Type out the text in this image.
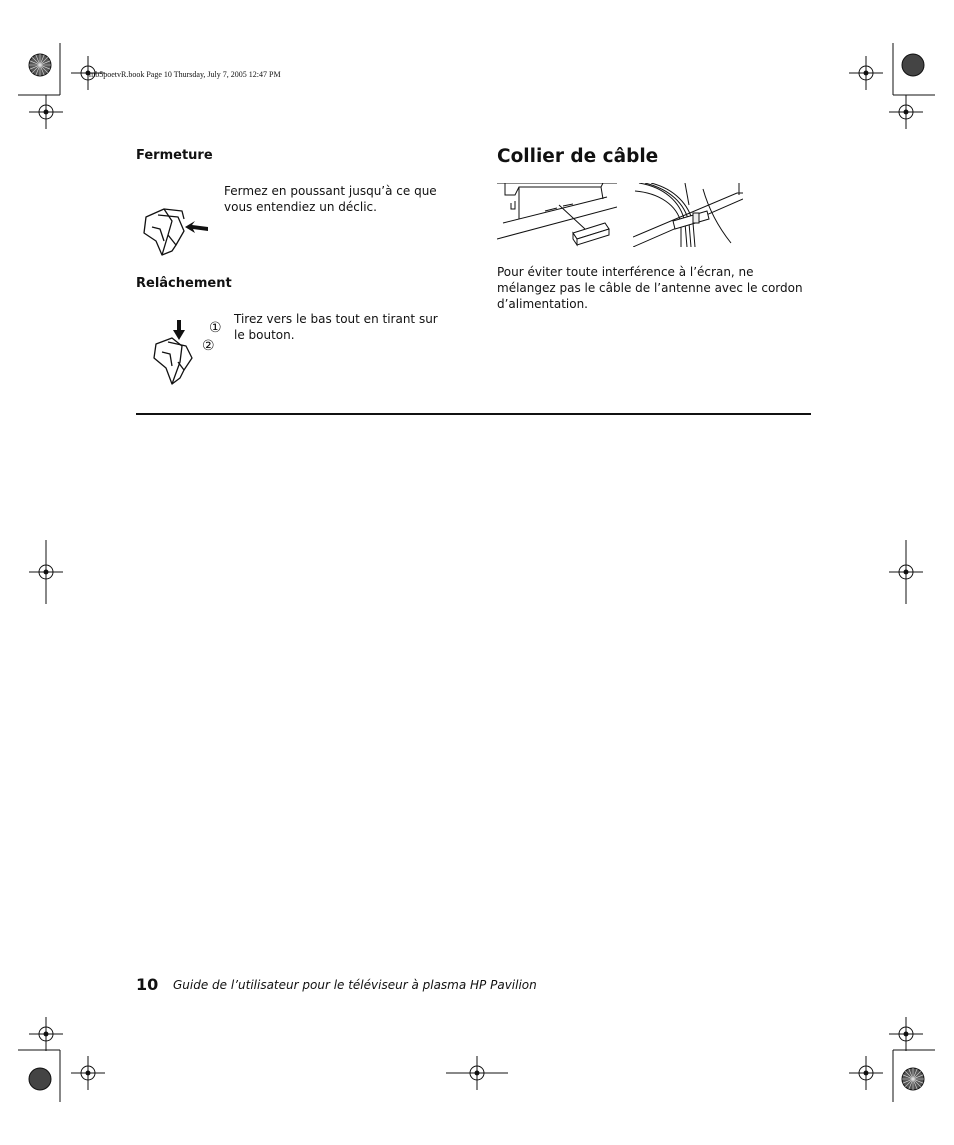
mb5poetvR.book Page 10 Thursday, July 7, 2005 12:47 PM
Fermeture
Fermez en poussant jusqu’à ce que vous entendiez un déclic.
Relâchement
①
②
Tirez vers le bas tout en tirant sur le bouton.
Collier de câble
Pour éviter toute interférence à l’écran, ne mélangez pas le câble de l’antenne avec le cordon d’alimentation.
10 Guide de l’utilisateur pour le téléviseur à plasma HP Pavilion
